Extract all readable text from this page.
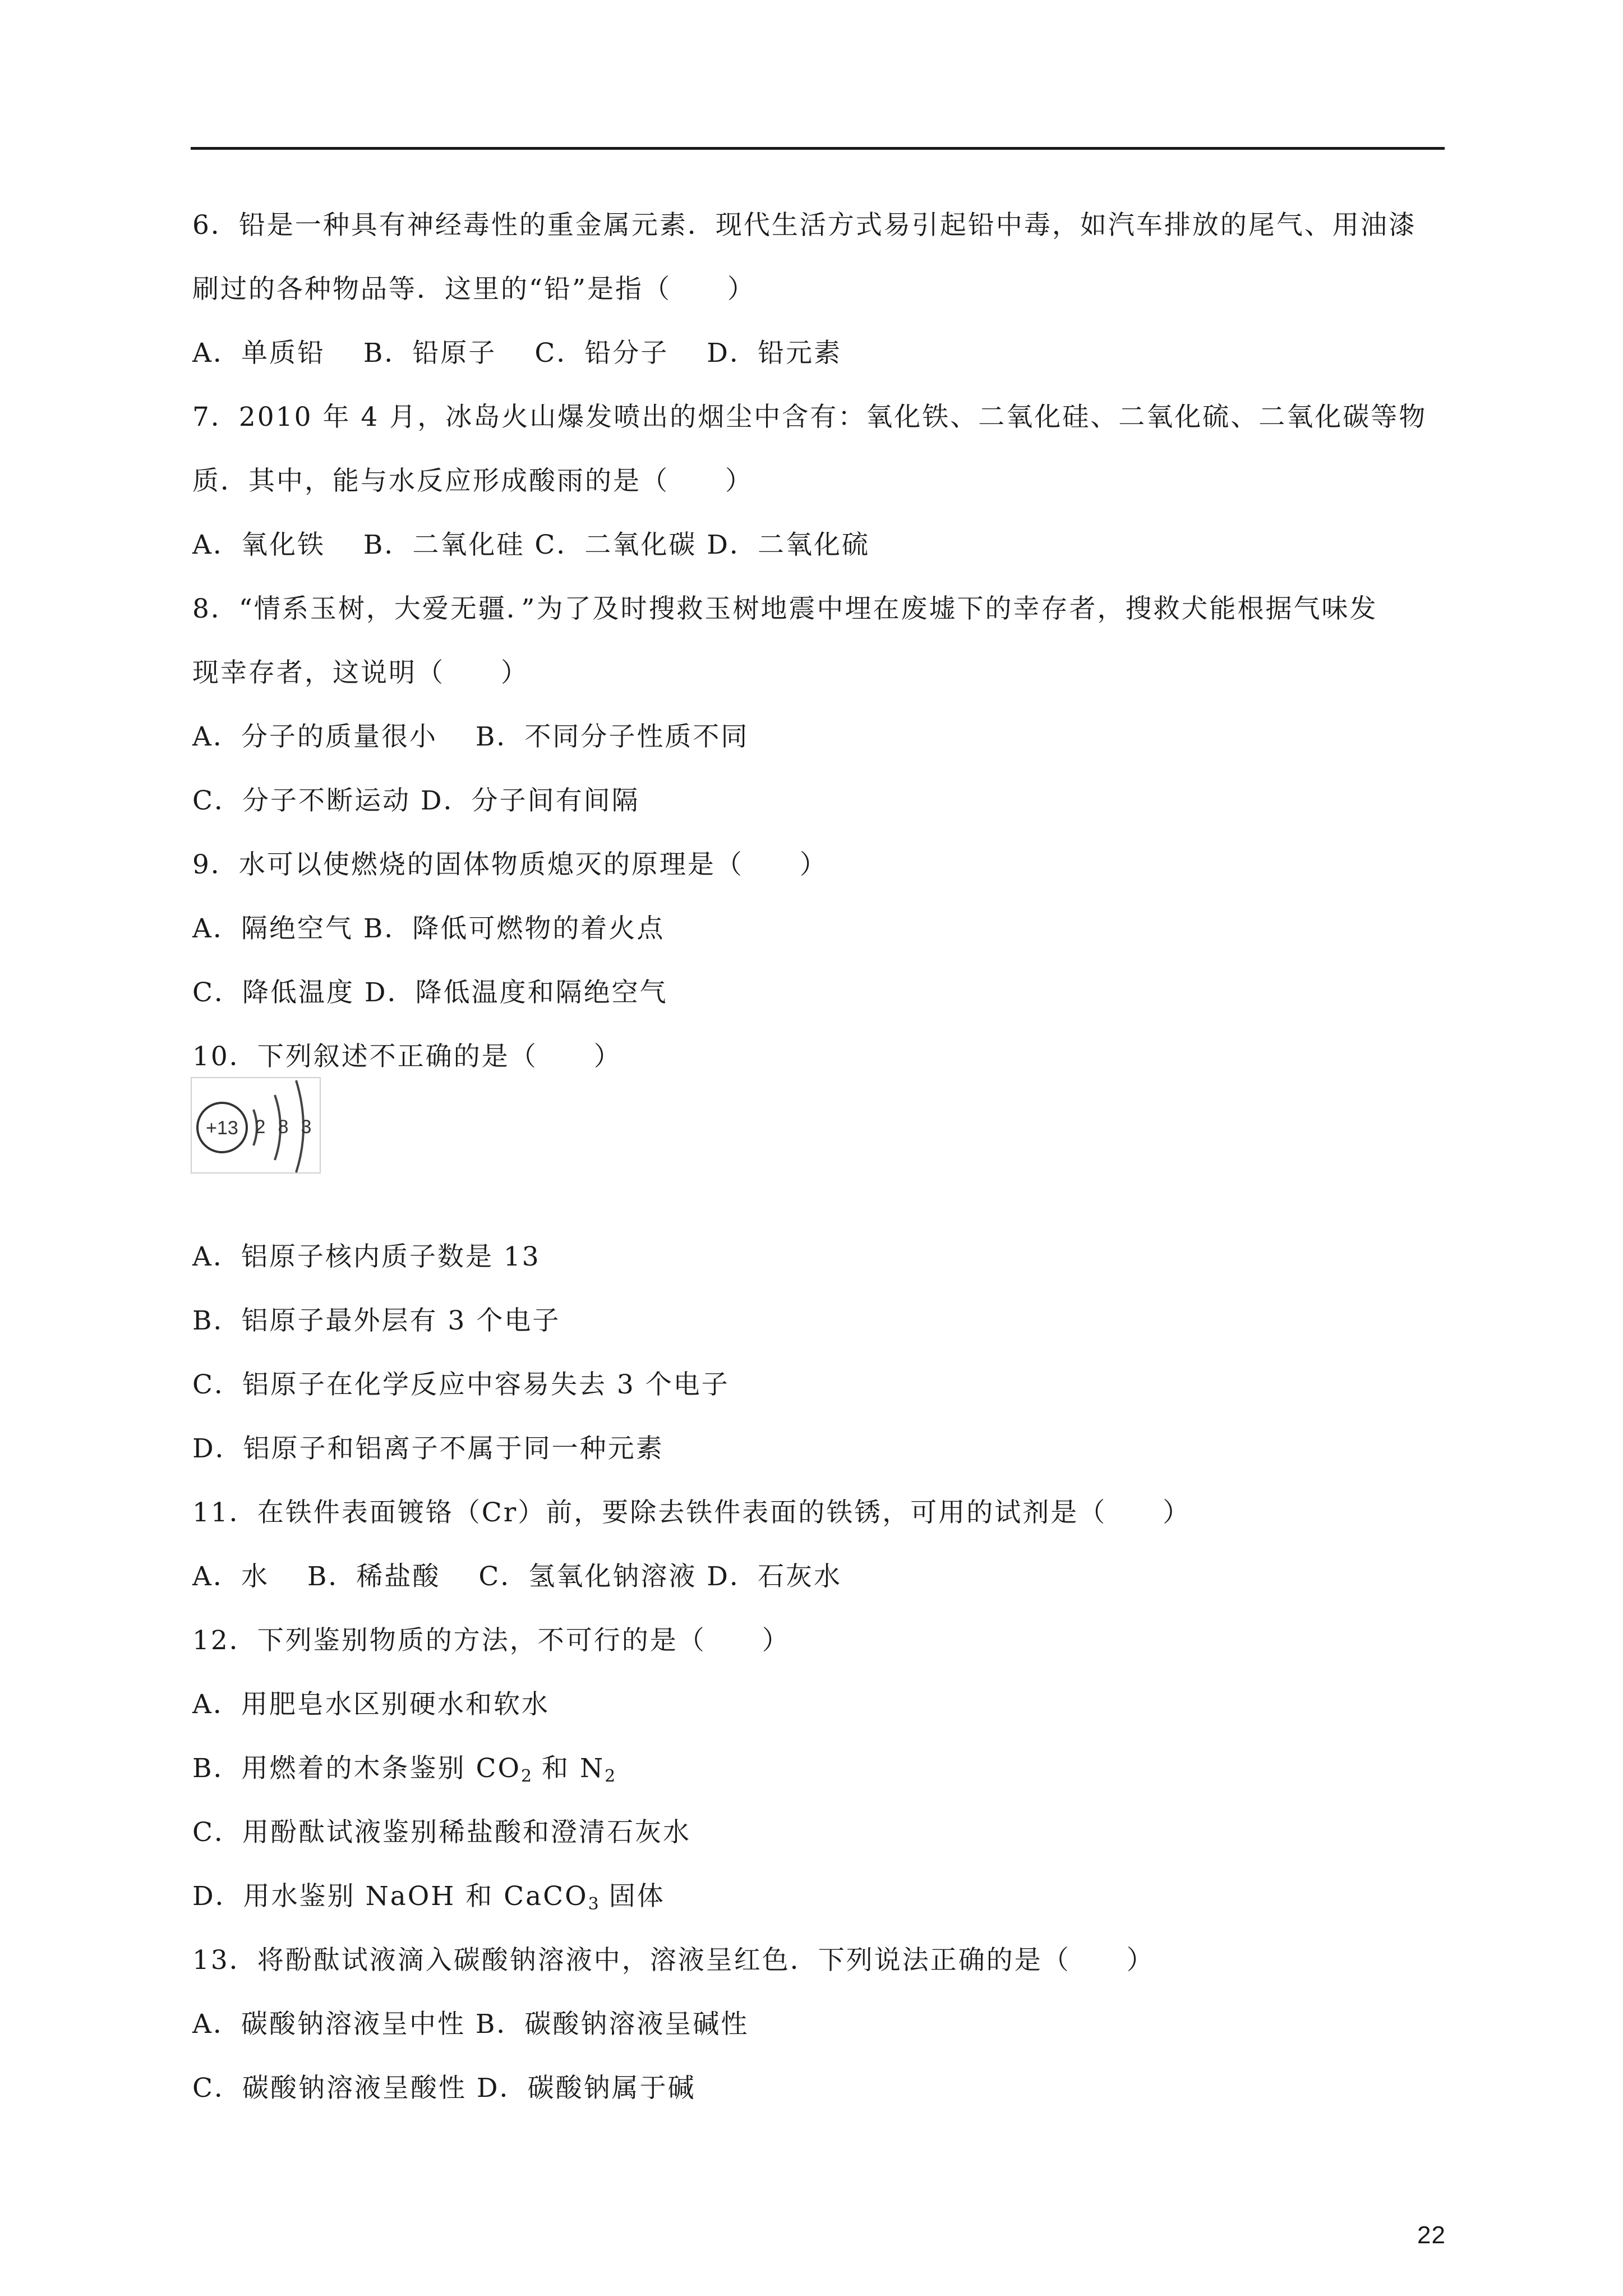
6．铅是一种具有神经毒性的重金属元素．现代生活方式易引起铅中毒，如汽车排放的尾气、用油漆
刷过的各种物品等．这里的“铅”是指（　　）
A．单质铅　 B．铅原子　 C．铅分子　 D．铅元素
7．2010 年 4 月，冰岛火山爆发喷出的烟尘中含有：氧化铁、二氧化硅、二氧化硫、二氧化碳等物
质．其中，能与水反应形成酸雨的是（　　）
A．氧化铁　 B．二氧化硅 C．二氧化碳 D．二氧化硫
8．“情系玉树，大爱无疆．”为了及时搜救玉树地震中埋在废墟下的幸存者，搜救犬能根据气味发
现幸存者，这说明（　　）
A．分子的质量很小　 B．不同分子性质不同
C．分子不断运动 D．分子间有间隔
9．水可以使燃烧的固体物质熄灭的原理是（　　）
A．隔绝空气 B．降低可燃物的着火点
C．降低温度 D．降低温度和隔绝空气
10．下列叙述不正确的是（　　）
+13 2 8 3
A．铝原子核内质子数是 13
B．铝原子最外层有 3 个电子
C．铝原子在化学反应中容易失去 3 个电子
D．铝原子和铝离子不属于同一种元素
11．在铁件表面镀铬（Cr）前，要除去铁件表面的铁锈，可用的试剂是（　　）
A．水　 B．稀盐酸　 C．氢氧化钠溶液 D．石灰水
12．下列鉴别物质的方法，不可行的是（　　）
A．用肥皂水区别硬水和软水
B．用燃着的木条鉴别 $CO_2$ 和 $N_2$
C．用酚酞试液鉴别稀盐酸和澄清石灰水
D．用水鉴别 NaOH 和 CaCO$_3$ 固体
13．将酚酞试液滴入碳酸钠溶液中，溶液呈红色．下列说法正确的是（　　）
A．碳酸钠溶液呈中性 B．碳酸钠溶液呈碱性
C．碳酸钠溶液呈酸性 D．碳酸钠属于碱
22
